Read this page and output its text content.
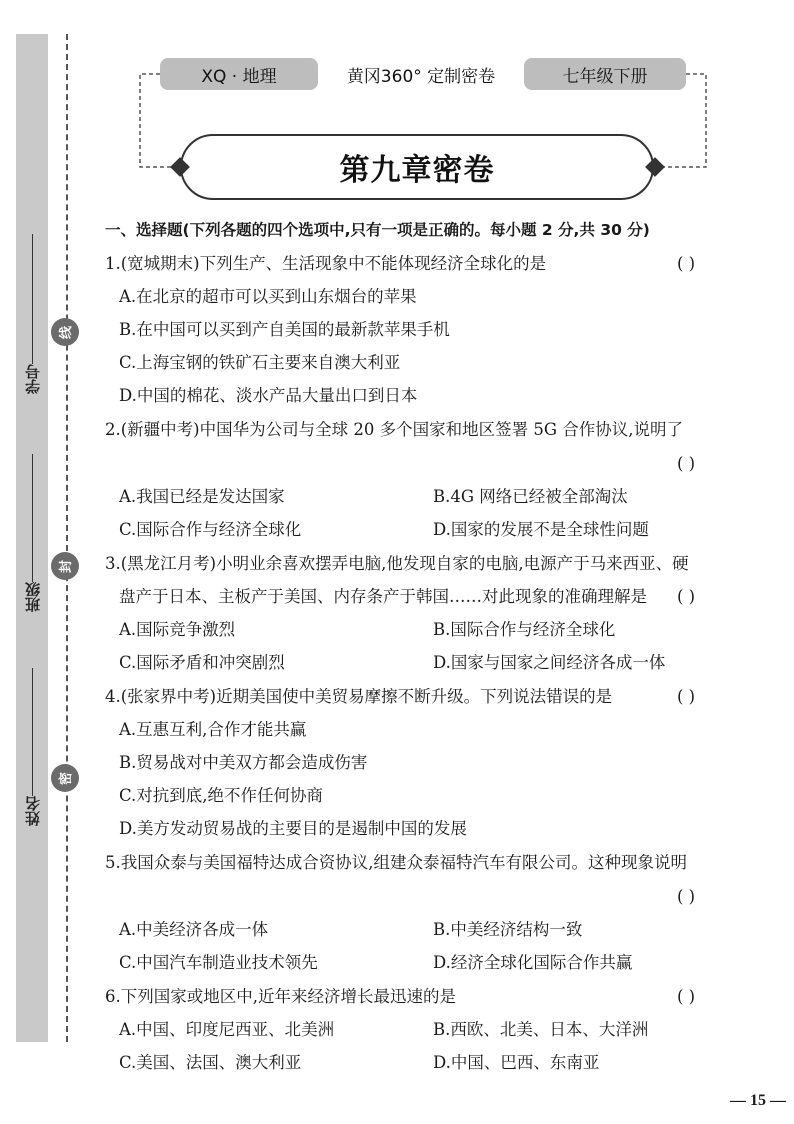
学号
班级
姓名
线
封
密
XQ · 地理	黄冈360° 定制密卷	七年级下册
第九章密卷
一、选择题(下列各题的四个选项中,只有一项是正确的。每小题 2 分,共 30 分)
1.(宽城期末)下列生产、生活现象中不能体现经济全球化的是	( )
A.在北京的超市可以买到山东烟台的苹果
B.在中国可以买到产自美国的最新款苹果手机
C.上海宝钢的铁矿石主要来自澳大利亚
D.中国的棉花、淡水产品大量出口到日本
2.(新疆中考)中国华为公司与全球 20 多个国家和地区签署 5G 合作协议,说明了
( )
A.我国已经是发达国家	B.4G 网络已经被全部淘汰
C.国际合作与经济全球化	D.国家的发展不是全球性问题
3.(黑龙江月考)小明业余喜欢摆弄电脑,他发现自家的电脑,电源产于马来西亚、硬
盘产于日本、主板产于美国、内存条产于韩国……对此现象的准确理解是 ( )
A.国际竞争激烈	B.国际合作与经济全球化
C.国际矛盾和冲突剧烈	D.国家与国家之间经济各成一体
4.(张家界中考)近期美国使中美贸易摩擦不断升级。下列说法错误的是	( )
A.互惠互利,合作才能共赢
B.贸易战对中美双方都会造成伤害
C.对抗到底,绝不作任何协商
D.美方发动贸易战的主要目的是遏制中国的发展
5.我国众泰与美国福特达成合资协议,组建众泰福特汽车有限公司。这种现象说明
( )
A.中美经济各成一体	B.中美经济结构一致
C.中国汽车制造业技术领先	D.经济全球化国际合作共赢
6.下列国家或地区中,近年来经济增长最迅速的是	( )
A.中国、印度尼西亚、北美洲	B.西欧、北美、日本、大洋洲
C.美国、法国、澳大利亚	D.中国、巴西、东南亚
— 15 —
